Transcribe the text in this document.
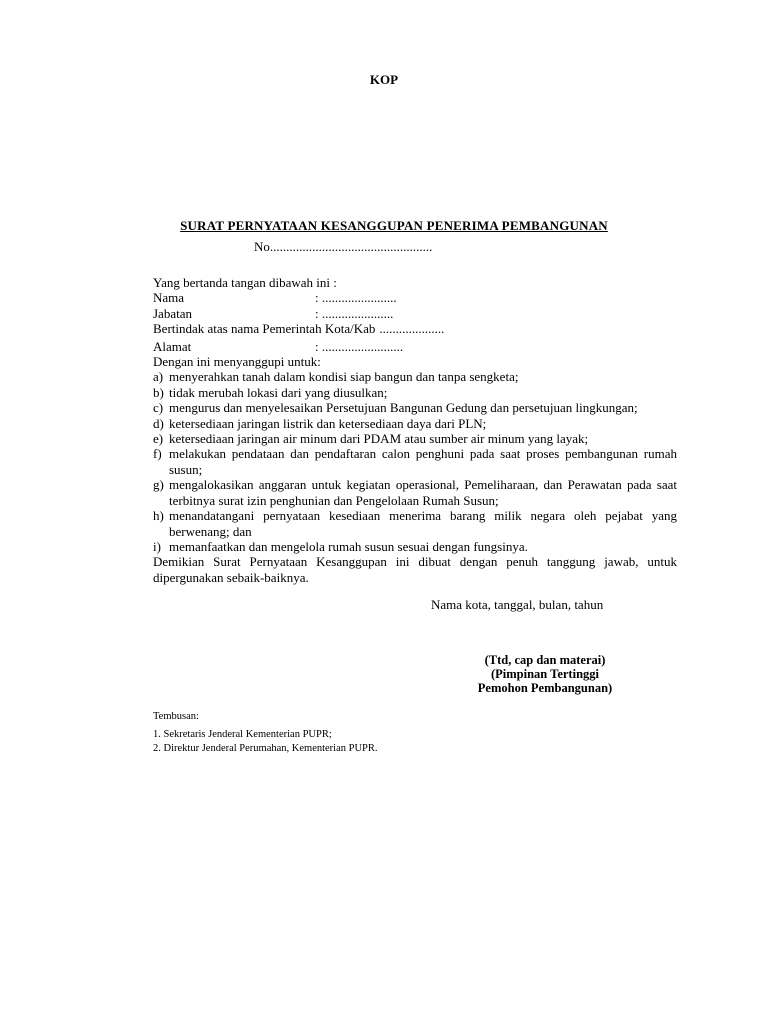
KOP
SURAT PERNYATAAN KESANGGUPAN PENERIMA PEMBANGUNAN
No..................................................
Yang bertanda tangan dibawah ini :
Nama	: .......................
Jabatan	: ......................
Bertindak atas nama Pemerintah Kota/Kab ....................
Alamat	: .........................
Dengan ini menyanggupi untuk:
a) menyerahkan tanah dalam kondisi siap bangun dan tanpa sengketa;
b) tidak merubah lokasi dari yang diusulkan;
c) mengurus dan menyelesaikan Persetujuan Bangunan Gedung dan persetujuan lingkungan;
d) ketersediaan jaringan listrik dan ketersediaan daya dari PLN;
e) ketersediaan jaringan air minum dari PDAM atau sumber air minum yang layak;
f) melakukan pendataan dan pendaftaran calon penghuni pada saat proses pembangunan rumah susun;
g) mengalokasikan anggaran untuk kegiatan operasional, Pemeliharaan, dan Perawatan pada saat terbitnya surat izin penghunian dan Pengelolaan Rumah Susun;
h) menandatangani pernyataan kesediaan menerima barang milik negara oleh pejabat yang berwenang; dan
i) memanfaatkan dan mengelola rumah susun sesuai dengan fungsinya.
Demikian Surat Pernyataan Kesanggupan ini dibuat dengan penuh tanggung jawab, untuk dipergunakan sebaik-baiknya.
Nama kota, tanggal, bulan, tahun
(Ttd, cap dan materai)
(Pimpinan Tertinggi
Pemohon Pembangunan)
Tembusan:
1. Sekretaris Jenderal Kementerian PUPR;
2. Direktur Jenderal Perumahan, Kementerian PUPR.
